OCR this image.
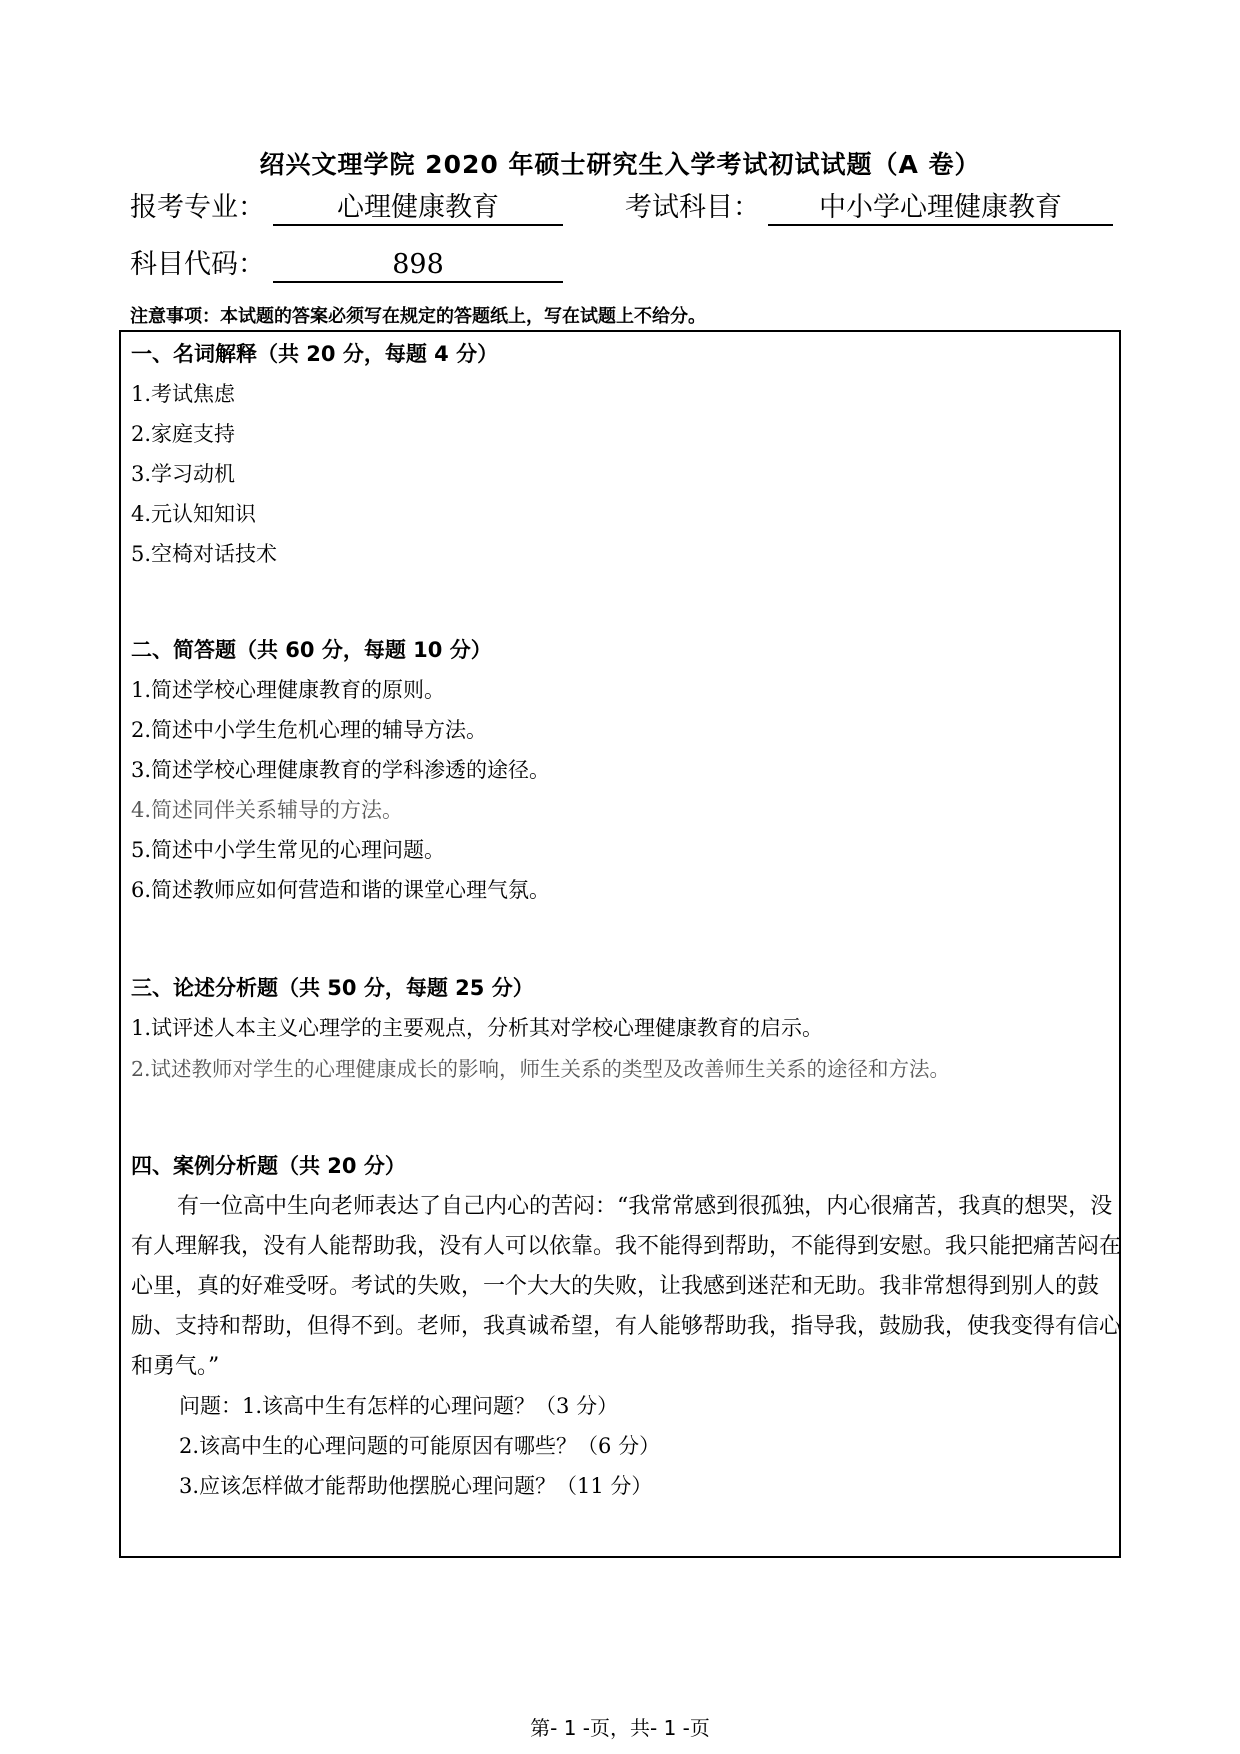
绍兴文理学院 2020 年硕士研究生入学考试初试试题（A 卷）
报考专业：	心理健康教育	考试科目：	中小学心理健康教育
科目代码：	898
注意事项：本试题的答案必须写在规定的答题纸上，写在试题上不给分。
一、名词解释（共 20 分，每题 4 分）
1.考试焦虑
2.家庭支持
3.学习动机
4.元认知知识
5.空椅对话技术
二、简答题（共 60 分，每题 10 分）
1.简述学校心理健康教育的原则。
2.简述中小学生危机心理的辅导方法。
3.简述学校心理健康教育的学科渗透的途径。
4.简述同伴关系辅导的方法。
5.简述中小学生常见的心理问题。
6.简述教师应如何营造和谐的课堂心理气氛。
三、论述分析题（共 50 分，每题 25 分）
1.试评述人本主义心理学的主要观点，分析其对学校心理健康教育的启示。
2.试述教师对学生的心理健康成长的影响，师生关系的类型及改善师生关系的途径和方法。
四、案例分析题（共 20 分）

有一位高中生向老师表达了自己内心的苦闷：“我常常感到很孤独，内心很痛苦，我真的想哭，没有人理解我，没有人能帮助我，没有人可以依靠。我不能得到帮助，不能得到安慰。我只能把痛苦闷在心里，真的好难受呀。考试的失败，一个大大的失败，让我感到迷茫和无助。我非常想得到别人的鼓励、支持和帮助，但得不到。老师，我真诚希望，有人能够帮助我，指导我，鼓励我，使我变得有信心和勇气。”

问题：1.该高中生有怎样的心理问题？（3 分）
2.该高中生的心理问题的可能原因有哪些？（6 分）
3.应该怎样做才能帮助他摆脱心理问题？（11 分）
第- 1 -页，共- 1 -页
